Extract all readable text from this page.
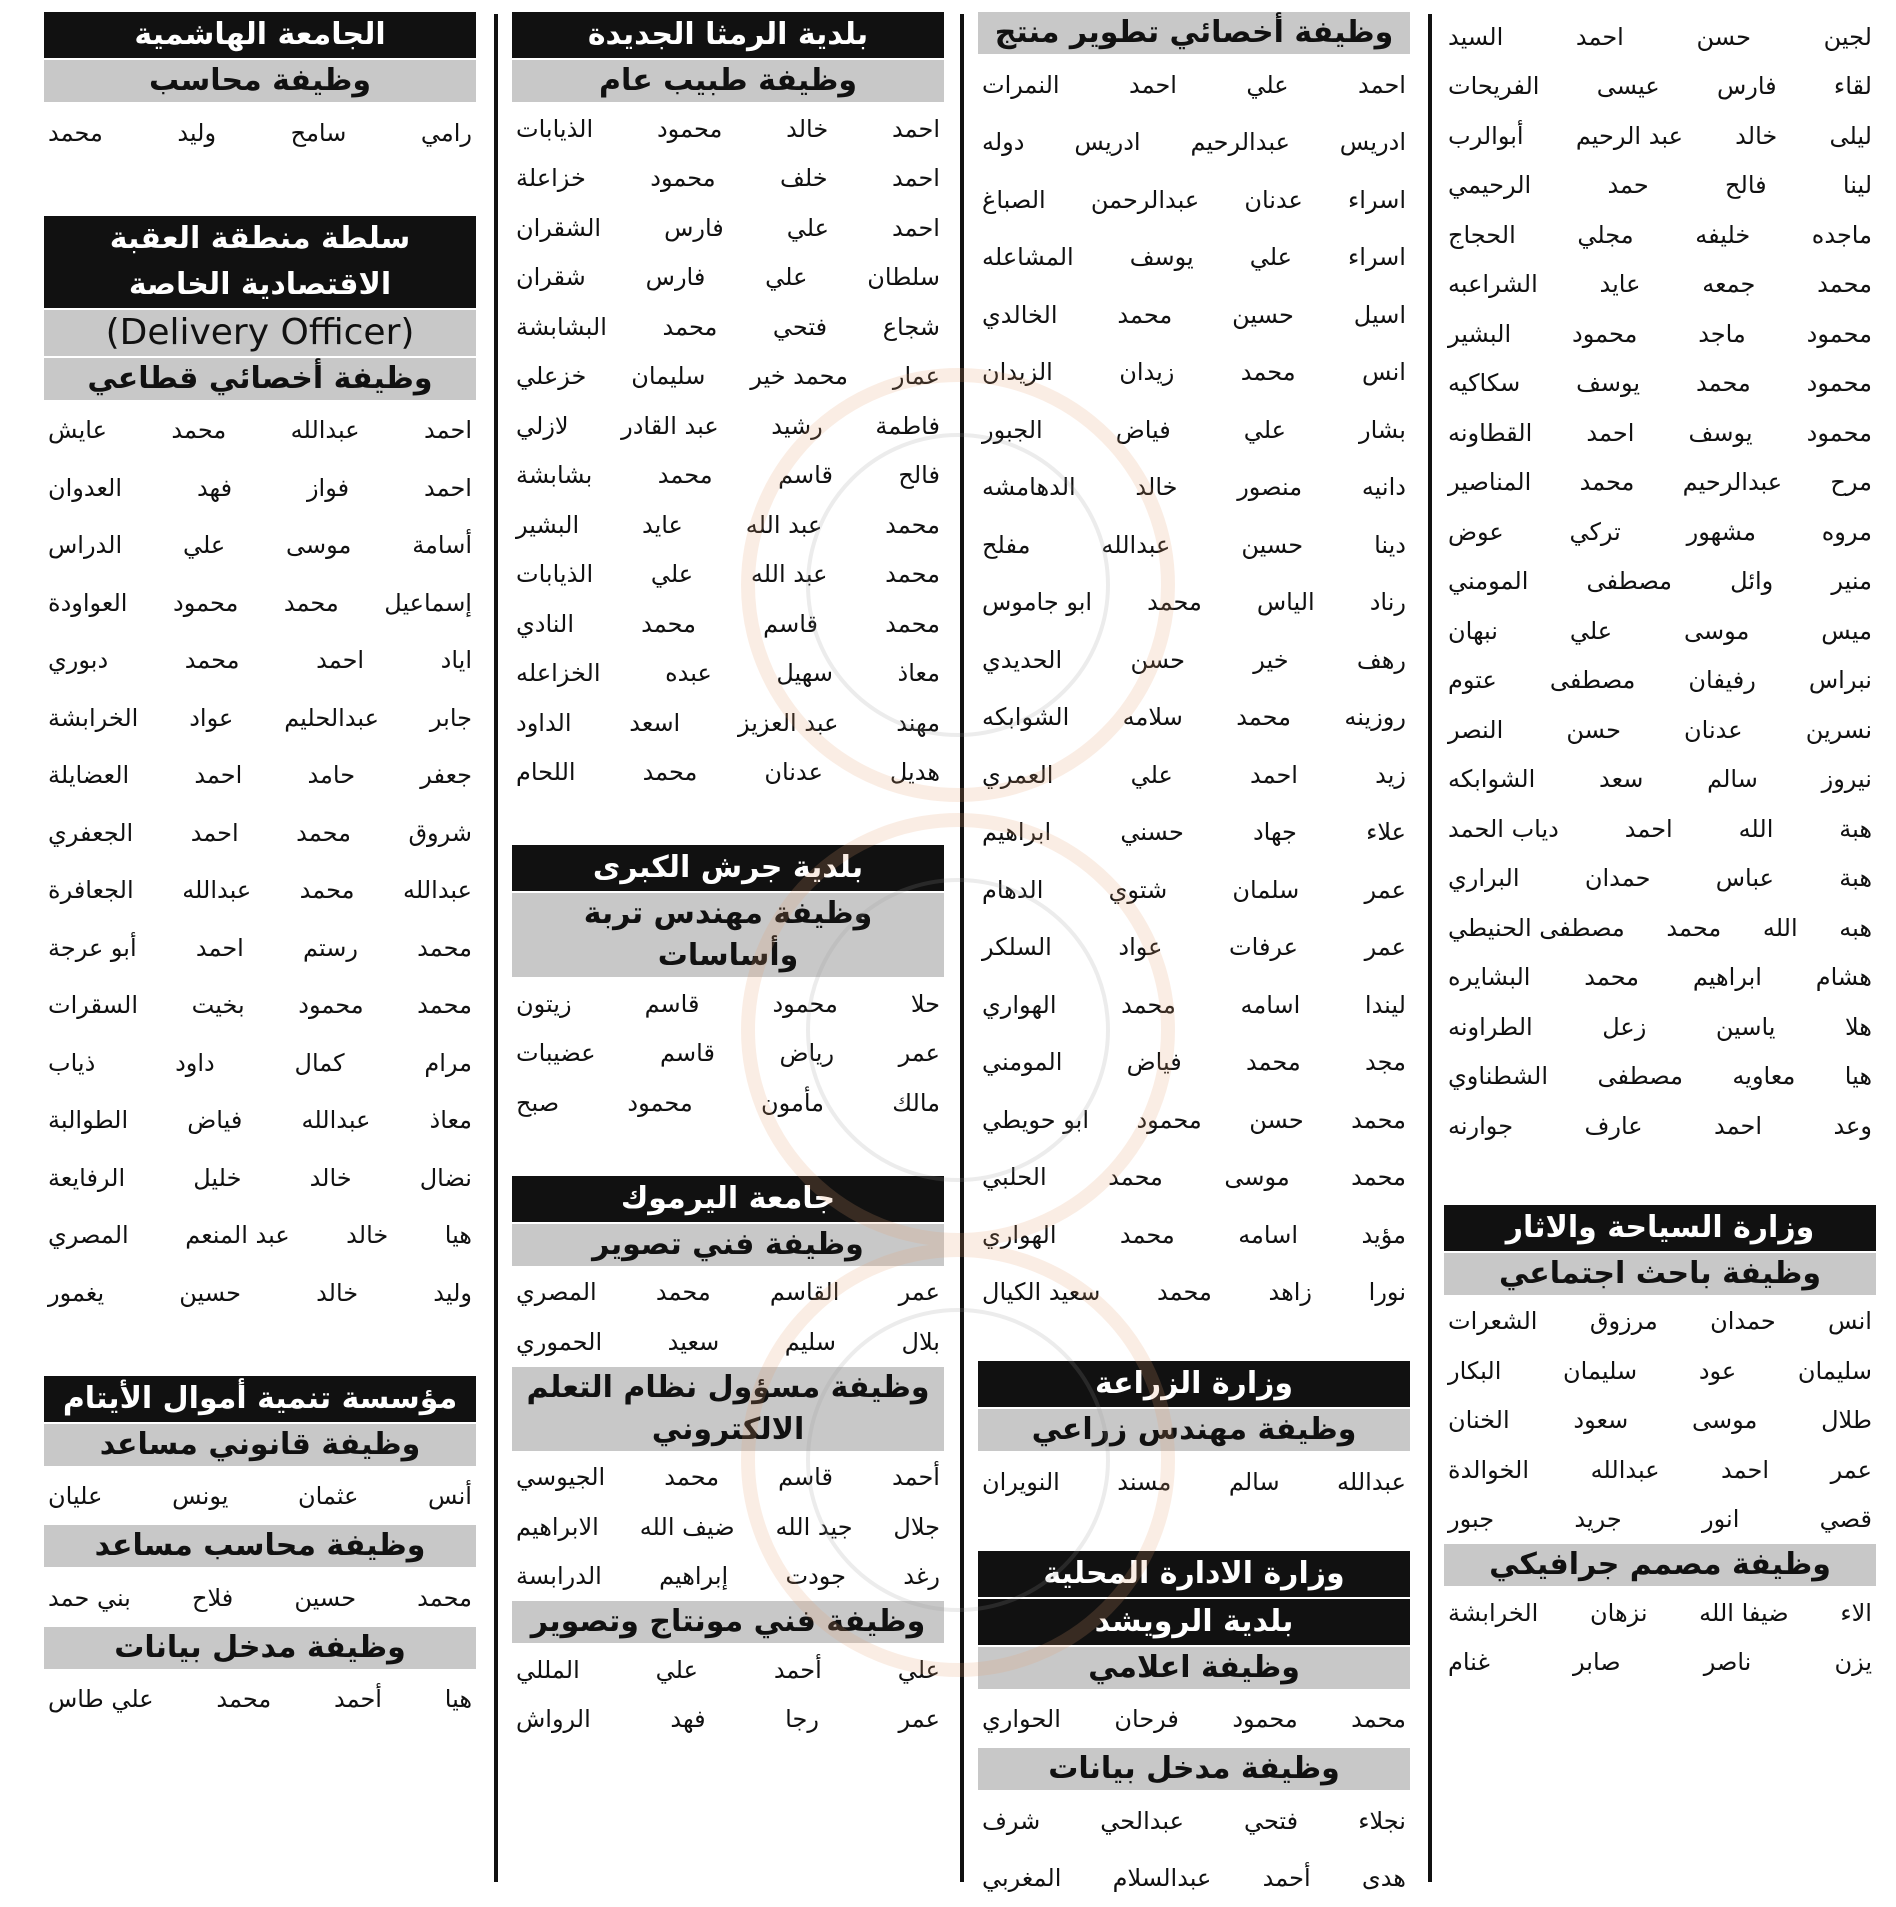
لجين
حسن
احمد
السيد
لقاء
فارس
عيسى
الفريحات
ليلى
خالد
عبد الرحيم
أبوالرب
لينا
فالح
حمد
الرحيمي
ماجده
خليفه
مجلي
الحجاج
محمد
جمعه
عايد
الشراعبه
محمود
ماجد
محمود
البشير
محمود
محمد
يوسف
سكاكيه
محمود
يوسف
احمد
القطاونه
مرح
عبدالرحيم
محمد
المناصير
مروه
مشهور
تركي
عوض
منير
وائل
مصطفى
المومني
ميس
موسى
علي
نبهان
نبراس
رفيفان
مصطفى
عتوم
نسرين
عدنان
حسن
النصر
نيروز
سالم
سعد
الشوابكه
هبة
الله
احمد
دياب الحمد
هبة
عباس
حمدان
البراري
هبه
الله
محمد
مصطفى الحنيطي
هشام
ابراهيم
محمد
البشايره
هلا
ياسين
زعل
الطراونه
هيا
معاويه
مصطفى
الشطناوي
وعد
احمد
عارف
جوارنه
وزارة السياحة والاثار
وظيفة باحث اجتماعي
انس
حمدان
مرزوق
الشعرات
سليمان
عود
سليمان
البكار
طلال
موسى
سعود
الخنان
عمر
احمد
عبدالله
الخوالدة
قصي
انور
جريد
جبور
وظيفة مصمم جرافيكي
الاء
ضيفا الله
نزهان
الخرابشة
يزن
ناصر
صابر
غنام
وظيفة أخصائي تطوير منتج
احمد
علي
احمد
النمرات
ادريس
عبدالرحيم
ادريس
دوله
اسراء
عدنان
عبدالرحمن
الصباغ
اسراء
علي
يوسف
المشاعله
اسيل
حسين
محمد
الخالدي
انس
محمد
زيدان
الزيدان
بشار
علي
فياض
الجبور
دانيه
منصور
خالد
الدهامشه
دينا
حسين
عبدالله
مفلح
رناد
الياس
محمد
ابو جاموس
رهف
خير
حسن
الحديدي
روزينه
محمد
سلامه
الشوابكه
زيد
احمد
علي
العمري
علاء
جهاد
حسني
ابراهيم
عمر
سلمان
شتوي
الدهام
عمر
عرفات
عواد
السلكر
ليندا
اسامه
محمد
الهواري
مجد
محمد
فياض
المومني
محمد
حسن
محمود
ابو حويطي
محمد
موسى
محمد
الحلبي
مؤيد
اسامه
محمد
الهواري
نورا
زاهد
محمد
سعيد الكيال
وزارة الزراعة
وظيفة مهندس زراعي
عبدالله
سالم
مسند
النويران
وزارة الادارة المحلية
بلدية الرويشد
وظيفة اعلامي
محمد
محمود
فرحان
الحواري
وظيفة مدخل بيانات
نجلاء
فتحي
عبدالحي
شرف
هدى
أحمد
عبدالسلام
المغربي
بلدية الرمثا الجديدة
وظيفة طبيب عام
احمد
خالد
محمود
الذيابات
احمد
خلف
محمود
خزاعلة
احمد
علي
فارس
الشقران
سلطان
علي
فارس
شقران
شجاع
فتحي
محمد
البشابشة
عمار
محمد خير
سليمان
خزعلي
فاطمة
رشيد
عبد القادر
لازلي
فالح
قاسم
محمد
بشابشة
محمد
عبد الله
عايد
البشير
محمد
عبد الله
علي
الذيابات
محمد
قاسم
محمد
النادي
معاذ
سهيل
عبده
الخزاعله
مهند
عبد العزيز
اسعد
الداود
هديل
عدنان
محمد
اللحام
بلدية جرش الكبرى
وظيفة مهندس تربة وأساسات
حلا
محمود
قاسم
زيتون
عمر
رياض
قاسم
عضيبات
مالك
مأمون
محمود
صبح
جامعة اليرموك
وظيفة فني تصوير
عمر
القاسم
محمد
المصري
بلال
سليم
سعيد
الحموري
وظيفة مسؤول نظام التعلم الالكتروني
أحمد
قاسم
محمد
الجيوسي
جلال
جيد الله
ضيف الله
الابراهيم
رغد
جودت
إبراهيم
الدرابسة
وظيفة فني مونتاج وتصوير
علي
أحمد
علي
المللي
عمر
رجا
فهد
الرواش
الجامعة الهاشمية
وظيفة محاسب
رامي
سامح
وليد
محمد
سلطة منطقة العقبة الاقتصادية الخاصة
(Delivery Officer)
وظيفة أخصائي قطاعي
احمد
عبدالله
محمد
عايش
احمد
فواز
فهد
العدوان
أسامة
موسى
علي
الدراس
إسماعيل
محمد
محمود
العواودة
اياد
احمد
محمد
دبوري
جابر
عبدالحليم
عواد
الخرابشة
جعفر
حامد
احمد
العضايلة
شروق
محمد
احمد
الجعفري
عبدالله
محمد
عبدالله
الجعافرة
محمد
رستم
احمد
أبو عرجة
محمد
محمود
بخيت
السقرات
مرام
كمال
داود
ذياب
معاذ
عبدالله
فياض
الطوالبة
نضال
خالد
خليل
الرفايعة
هيا
خالد
عبد المنعم
المصري
وليد
خالد
حسين
يغمور
مؤسسة تنمية أموال الأيتام
وظيفة قانوني مساعد
أنس
عثمان
يونس
عليان
وظيفة محاسب مساعد
محمد
حسين
فلاح
بني حمد
وظيفة مدخل بيانات
هيا
أحمد
محمد
علي طاس
